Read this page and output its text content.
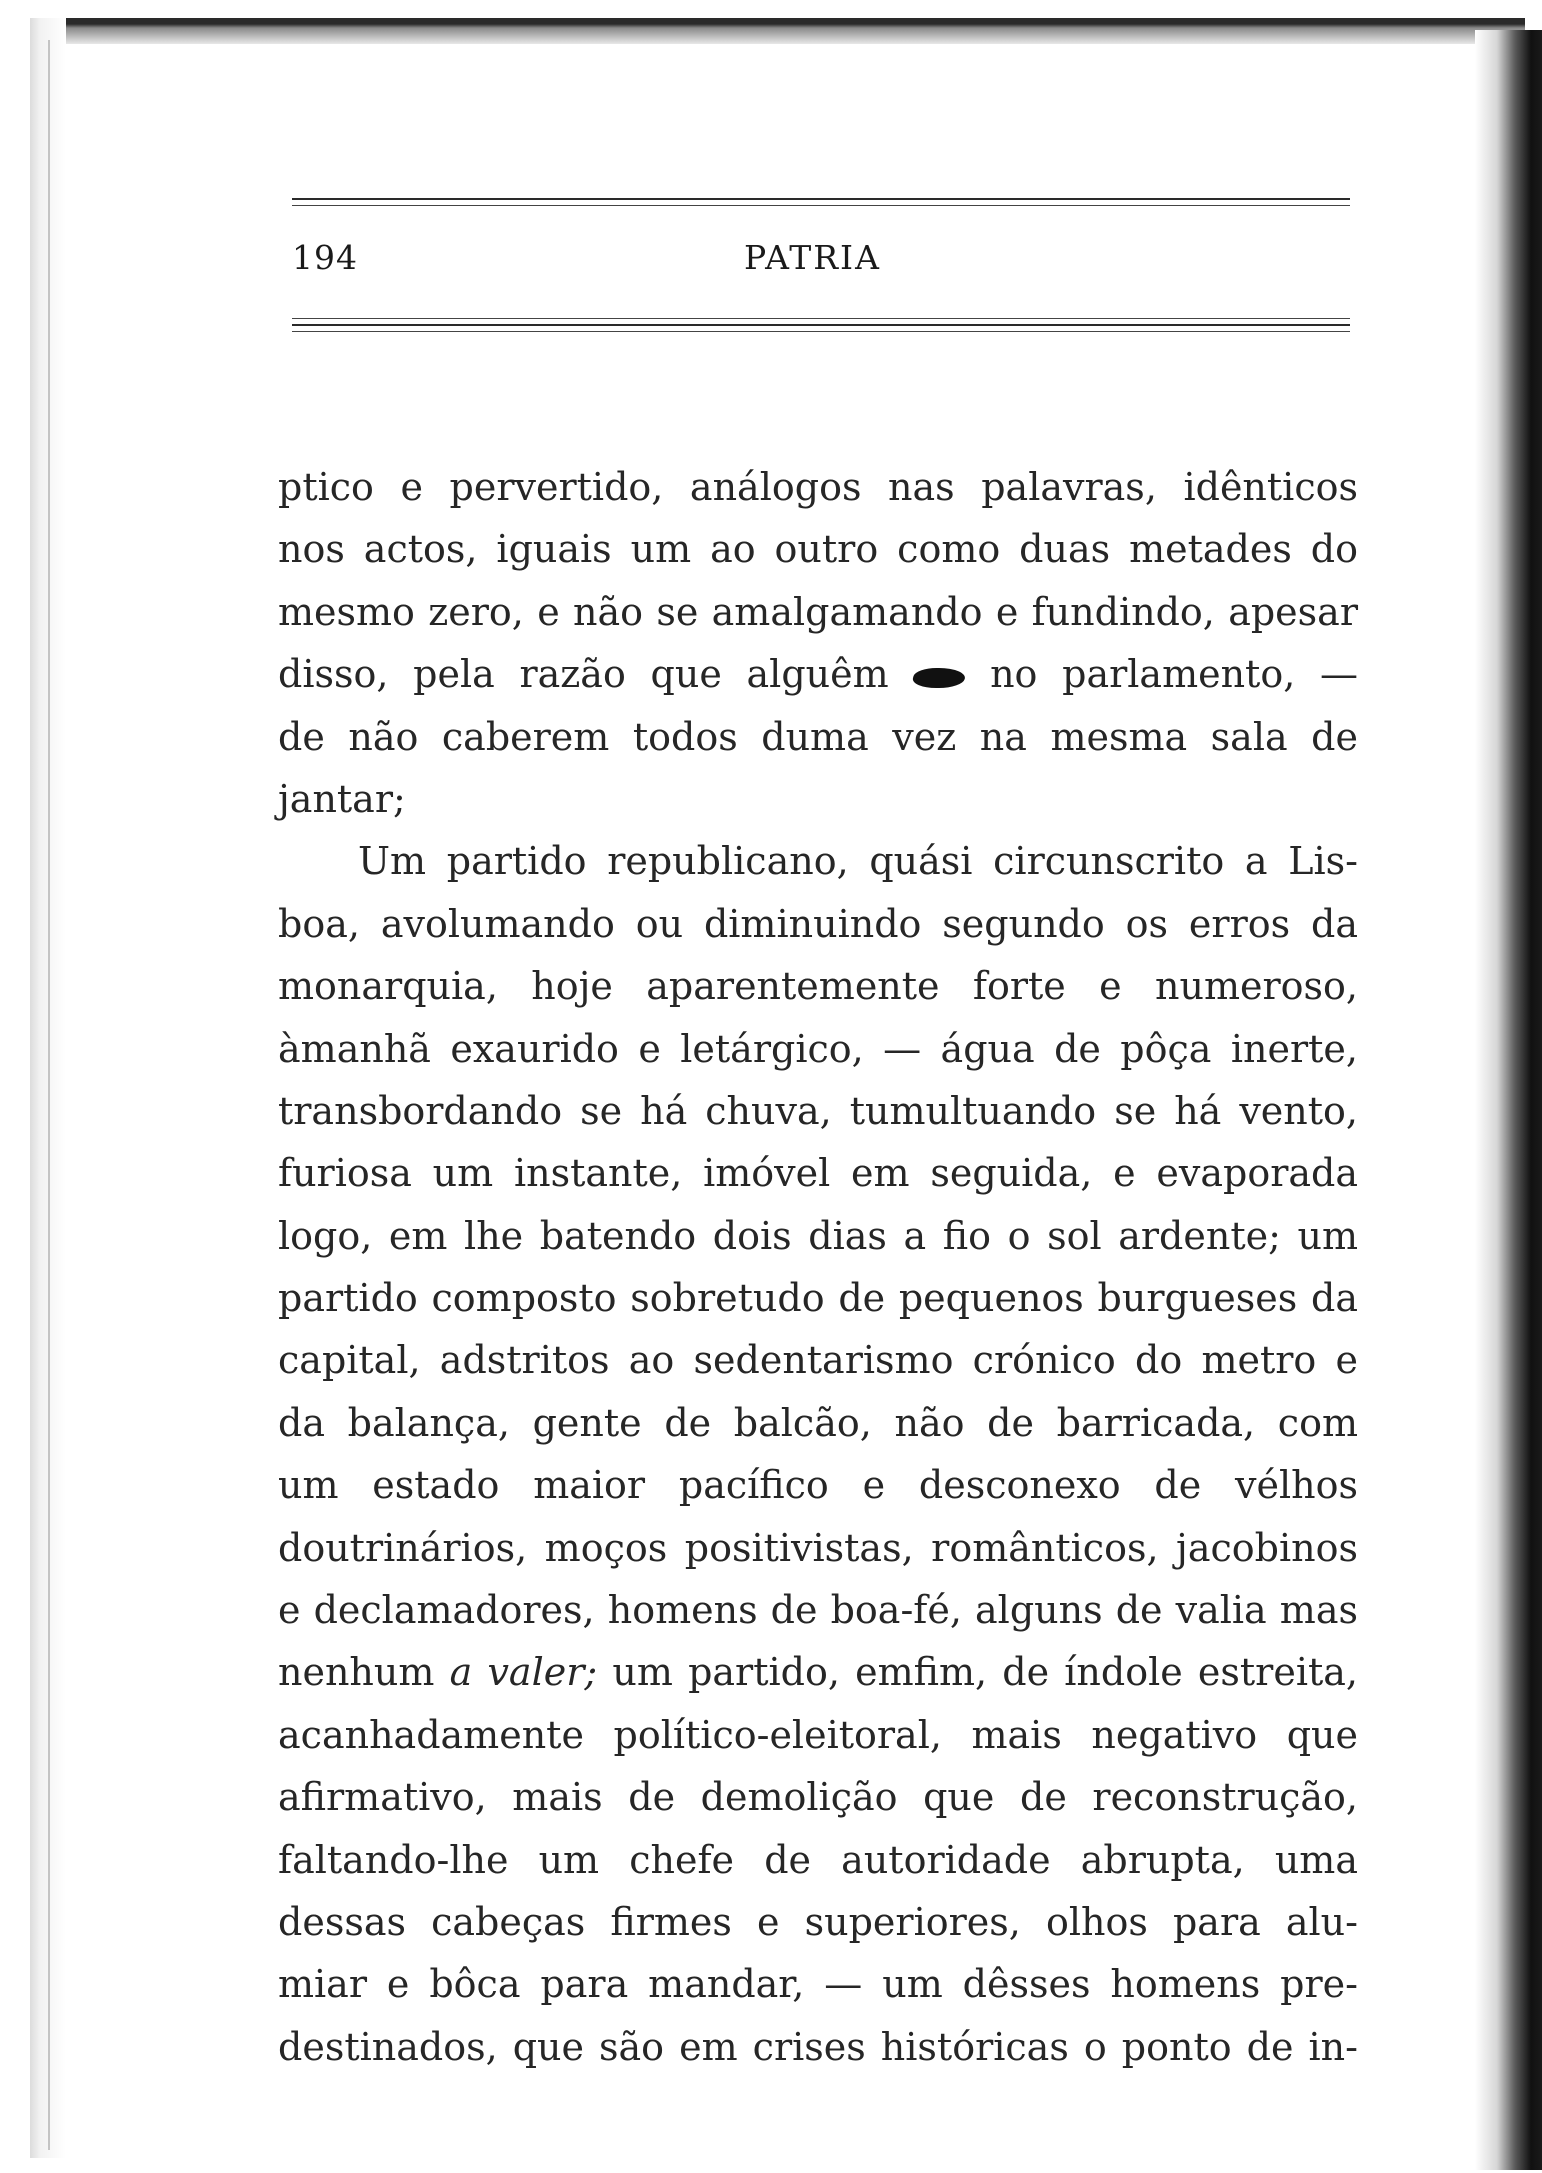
194	PATRIA
ptico e pervertido, análogos nas palavras, idênticos
nos actos, iguais um ao outro como duas metades do
mesmo zero, e não se amalgamando e fundindo, apesar
disso, pela razão que alguêm	no parlamento, —
de não caberem todos duma vez na mesma sala de
jantar;
Um partido republicano, quási circunscrito a Lis-
boa, avolumando ou diminuindo segundo os erros da
monarquia, hoje aparentemente forte e numeroso,
àmanhã exaurido e letárgico, — água de pôça inerte,
transbordando se há chuva, tumultuando se há vento,
furiosa um instante, imóvel em seguida, e evaporada
logo, em lhe batendo dois dias a fio o sol ardente; um
partido composto sobretudo de pequenos burgueses da
capital, adstritos ao sedentarismo crónico do metro e
da balança, gente de balcão, não de barricada, com
um estado maior pacífico e desconexo de vélhos
doutrinários, moços positivistas, românticos, jacobinos
e declamadores, homens de boa-fé, alguns de valia mas
nenhum a valer; um partido, emfim, de índole estreita,
acanhadamente político-eleitoral, mais negativo que
afirmativo, mais de demolição que de reconstrução,
faltando-lhe um chefe de autoridade abrupta, uma
dessas cabeças firmes e superiores, olhos para alu-
miar e bôca para mandar, — um dêsses homens pre-
destinados, que são em crises históricas o ponto de in-
